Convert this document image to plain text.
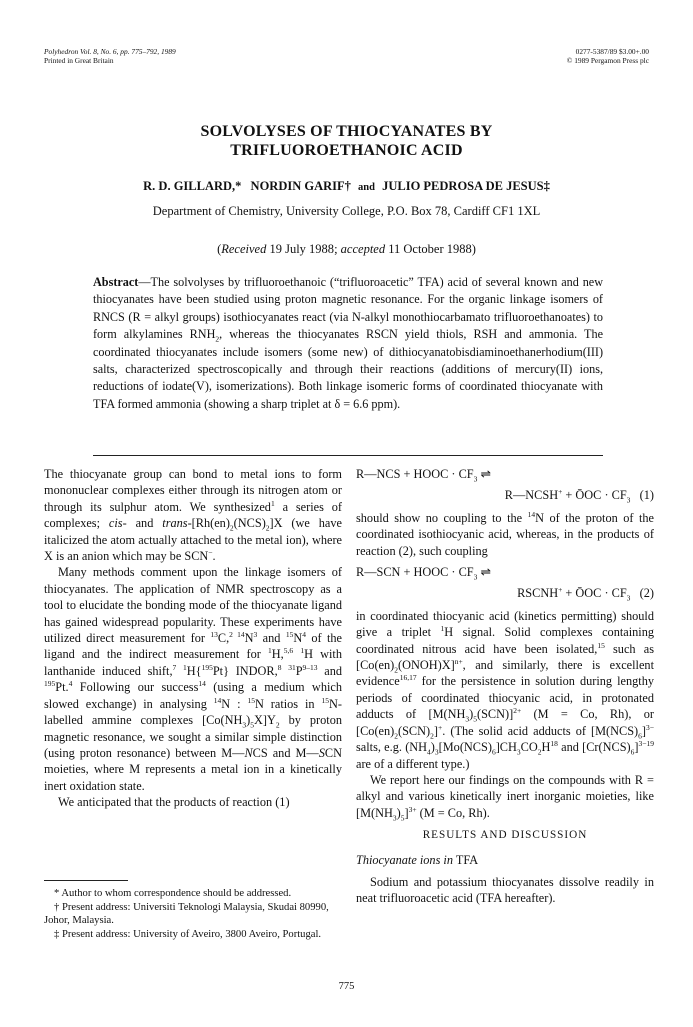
Polyhedron Vol. 8, No. 6, pp. 775–792, 1989
Printed in Great Britain
0277-5387/89 $3.00+.00
© 1989 Pergamon Press plc
SOLVOLYSES OF THIOCYANATES BY
TRIFLUOROETHANOIC ACID
R. D. GILLARD,* NORDIN GARIF† and JULIO PEDROSA DE JESUS‡
Department of Chemistry, University College, P.O. Box 78, Cardiff CF1 1XL
(Received 19 July 1988; accepted 11 October 1988)
Abstract—The solvolyses by trifluoroethanoic (“trifluoroacetic” TFA) acid of several known and new thiocyanates have been studied using proton magnetic resonance. For the organic linkage isomers of RNCS (R = alkyl groups) isothiocyanates react (via N-alkyl monothiocarbamato trifluoroethanoates) to form alkylamines $RNH_2$, whereas the thiocyanates RSCN yield thiols, RSH and ammonia. The coordinated thiocyanates include isomers (some new) of dithiocyanatobisdiaminoethanerhodium(III) salts, characterized spectroscopically and through their reactions (additions of mercury(II) ions, reductions of iodate(V), isomerizations). Both linkage isomeric forms of coordinated thiocyanate with TFA formed ammonia (showing a sharp triplet at δ = 6.6 ppm).

The thiocyanate group can bond to metal ions to form mononuclear complexes either through its nitrogen atom or through its sulphur atom. We synthesized$^1$ a series of complexes; cis- and trans-$[Rh(en)_2(NCS)_2]X$ (we have italicized the atom actually attached to the metal ion), where X is an anion which may be SCN−.

Many methods comment upon the linkage isomers of thiocyanates. The application of NMR spectroscopy as a tool to elucidate the bonding mode of the thiocyanate ligand has gained widespread popularity. These experiments have utilized direct measurement for $^{13}$C,$^2$ $^{14}N^3$ and $^{15}N^4$ of the ligand and the indirect measurement for $^1$H,$^{5,6}$ $^1$H with lanthanide induced shift,$^7$ $^1$H{$^{195}$Pt} INDOR,$^8$ $^{31}P^{9-13}$ and $^{195}$Pt.$^4$ Following our success$^{14}$ (using a medium which slowed exchange) in analysing $^{14}$N : $^{15}$N ratios in $^{15}$N-labelled ammine complexes $[Co(NH_3)_5X]Y_2$ by proton magnetic resonance, we sought a similar simple distinction (using proton resonance) between M—NCS and M—SCN moieties, where M represents a metal ion in a kinetically inert oxidation state.

We anticipated that the products of reaction (1)

R—NCS + HOOC · $CF_3$ ⇌
R—NCSH+ + ŌOC · $CF_3$ (1)

should show no coupling to the $^{14}$N of the proton of the coordinated isothiocyanic acid, whereas, in the products of reaction (2), such coupling

R—SCN + HOOC · $CF_3$ ⇌
RSCNH+ + ŌOC · $CF_3$ (2)

in coordinated thiocyanic acid (kinetics permitting) should give a triplet $^1$H signal. Solid complexes containing coordinated nitrous acid have been isolated,$^{15}$ such as $[Co(en)_2(ONOH)X]^{n+}$, and similarly, there is excellent evidence$^{16,17}$ for the persistence in solution during lengthy periods of coordinated thiocyanic acid, in protonated adducts of $[M(NH_3)_5(SCN)]^{2+}$ (M = Co, Rh), or $[Co(en)_2(SCN)_2]^+$. (The solid acid adducts of $[M(NCS)_6]^{3-}$ salts, e.g. $(NH_4)_3[Mo(NCS)_6]CH_3CO_2H^{18}$ and $[Cr(NCS)_6]^{3-19}$ are of a different type.)

We report here our findings on the compounds with R = alkyl and various kinetically inert inorganic moieties, like $[M(NH_3)_5]^{3+}$ (M = Co, Rh).

RESULTS AND DISCUSSION

Thiocyanate ions in TFA

Sodium and potassium thiocyanates dissolve readily in neat trifluoroacetic acid (TFA hereafter).

* Author to whom correspondence should be addressed.

† Present address: Universiti Teknologi Malaysia, Skudai 80990, Johor, Malaysia.

‡ Present address: University of Aveiro, 3800 Aveiro, Portugal.

775
